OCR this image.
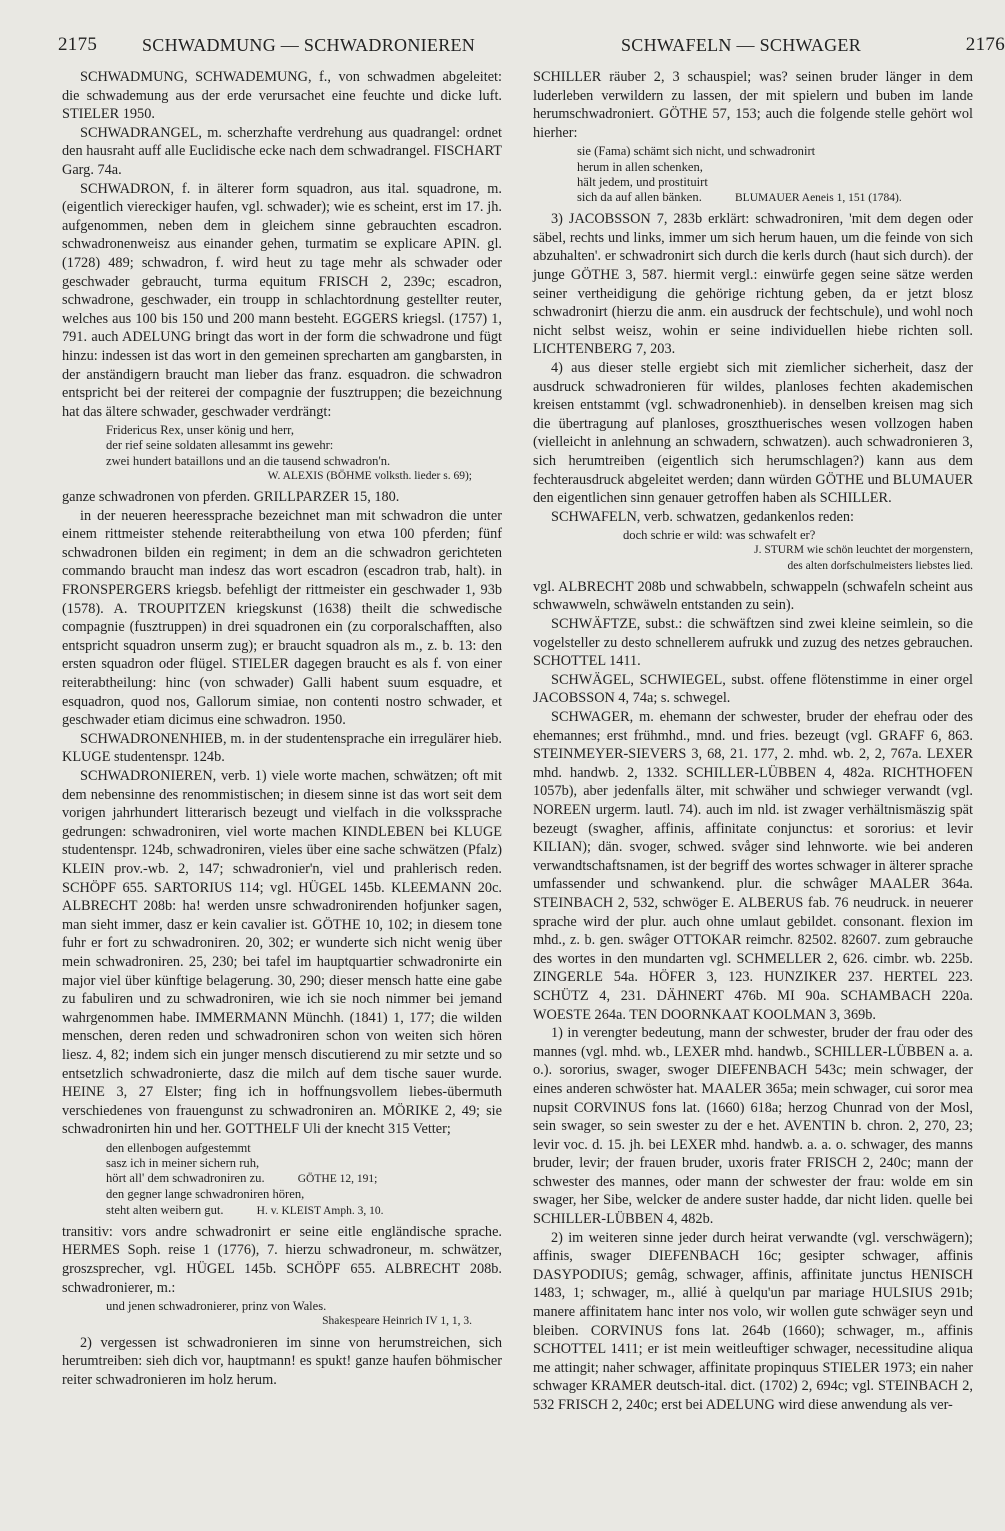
2175 SCHWADMUNG — SCHWADRONIEREN

SCHWADMUNG, SCHWADEMUNG, f., von schwadmen abgeleitet: die schwademung aus der erde verursachet eine feuchte und dicke luft. STIELER 1950.

SCHWADRANGEL, m. scherzhafte verdrehung aus quadrangel: ordnet den hausraht auff alle Euclidische ecke nach dem schwadrangel. FISCHART Garg. 74a.

SCHWADRON, f. in älterer form squadron, aus ital. squadrone, m. (eigentlich viereckiger haufen, vgl. schwader); wie es scheint, erst im 17. jh. aufgenommen, neben dem in gleichem sinne gebrauchten escadron. schwadronenweisz aus einander gehen, turmatim se explicare APIN. gl. (1728) 489; schwadron, f. wird heut zu tage mehr als schwader oder geschwader gebraucht, turma equitum FRISCH 2, 239c; escadron, schwadrone, geschwader, ein troupp in schlachtordnung gestellter reuter, welches aus 100 bis 150 und 200 mann besteht. EGGERS kriegsl. (1757) 1, 791. auch ADELUNG bringt das wort in der form die schwadrone und fügt hinzu: indessen ist das wort in den gemeinen sprecharten am gangbarsten, in der anständigern braucht man lieber das franz. esquadron. die schwadron entspricht bei der reiterei der compagnie der fusztruppen; die bezeichnung hat das ältere schwader, geschwader verdrängt:

Fridericus Rex, unser könig und herr,
der rief seine soldaten allesammt ins gewehr:
zwei hundert bataillons und an die tausend schwadron'n.
W. ALEXIS (BÖHME volksth. lieder s. 69);

ganze schwadronen von pferden. GRILLPARZER 15, 180.

in der neueren heeressprache bezeichnet man mit schwadron die unter einem rittmeister stehende reiterabtheilung von etwa 100 pferden; fünf schwadronen bilden ein regiment; in dem an die schwadron gerichteten commando braucht man indesz das wort escadron (escadron trab, halt). in FRONSPERGERS kriegsb. befehligt der rittmeister ein geschwader 1, 93b (1578). A. TROUPITZEN kriegskunst (1638) theilt die schwedische compagnie (fusztruppen) in drei squadronen ein (zu corporalschafften, also entspricht squadron unserm zug); er braucht squadron als m., z. b. 13: den ersten squadron oder flügel. STIELER dagegen braucht es als f. von einer reiterabtheilung: hinc (von schwader) Galli habent suum esquadre, et esquadron, quod nos, Gallorum simiae, non contenti nostro schwader, et geschwader etiam dicimus eine schwadron. 1950.

SCHWADRONENHIEB, m. in der studentensprache ein irregulärer hieb. KLUGE studentenspr. 124b.

SCHWADRONIEREN, verb. 1) viele worte machen, schwätzen; oft mit dem nebensinne des renommistischen; in diesem sinne ist das wort seit dem vorigen jahrhundert litterarisch bezeugt und vielfach in die volkssprache gedrungen: schwadroniren, viel worte machen KINDLEBEN bei KLUGE studentenspr. 124b, schwadroniren, vieles über eine sache schwätzen (Pfalz) KLEIN prov.-wb. 2, 147; schwadronier'n, viel und prahlerisch reden. SCHÖPF 655. SARTORIUS 114; vgl. HÜGEL 145b. KLEEMANN 20c. ALBRECHT 208b: ha! werden unsre schwadronirenden hofjunker sagen, man sieht immer, dasz er kein cavalier ist. GÖTHE 10, 102; in diesem tone fuhr er fort zu schwadroniren. 20, 302; er wunderte sich nicht wenig über mein schwadroniren. 25, 230; bei tafel im hauptquartier schwadronirte ein major viel über künftige belagerung. 30, 290; dieser mensch hatte eine gabe zu fabuliren und zu schwadroniren, wie ich sie noch nimmer bei jemand wahrgenommen habe. IMMERMANN Münchh. (1841) 1, 177; die wilden menschen, deren reden und schwadroniren schon von weiten sich hören liesz. 4, 82; indem sich ein junger mensch discutierend zu mir setzte und so entsetzlich schwadronierte, dasz die milch auf dem tische sauer wurde. HEINE 3, 27 Elster; fing ich in hoffnungsvollem liebes-übermuth verschiedenes von frauengunst zu schwadroniren an. MÖRIKE 2, 49; sie schwadronirten hin und her. GOTTHELF Uli der knecht 315 Vetter;

den ellenbogen aufgestemmt
sasz ich in meiner sichern ruh,
hört all' dem schwadroniren zu.	GÖTHE 12, 191;
den gegner lange schwadroniren hören,
steht alten weibern gut.	H. v. KLEIST Amph. 3, 10.

transitiv: vors andre schwadronirt er seine eitle engländische sprache. HERMES Soph. reise 1 (1776), 7. hierzu schwadroneur, m. schwätzer, groszsprecher, vgl. HÜGEL 145b. SCHÖPF 655. ALBRECHT 208b. schwadronierer, m.:

und jenen schwadronierer, prinz von Wales.
Shakespeare Heinrich IV 1, 1, 3.

2) vergessen ist schwadronieren im sinne von herumstreichen, sich herumtreiben: sieh dich vor, hauptmann! es spukt! ganze haufen böhmischer reiter schwadronieren im holz herum.

SCHWAFELN — SCHWAGER	2176

SCHILLER räuber 2, 3 schauspiel; was? seinen bruder länger in dem luderleben verwildern zu lassen, der mit spielern und buben im lande herumschwadroniert. GÖTHE 57, 153; auch die folgende stelle gehört wol hierher:

sie (Fama) schämt sich nicht, und schwadronirt
herum in allen schenken,
hält jedem, und prostituirt
sich da auf allen bänken.	BLUMAUER Aeneis 1, 151 (1784).

3) JACOBSSON 7, 283b erklärt: schwadroniren, 'mit dem degen oder säbel, rechts und links, immer um sich herum hauen, um die feinde von sich abzuhalten'. er schwadronirt sich durch die kerls durch (haut sich durch). der junge GÖTHE 3, 587. hiermit vergl.: einwürfe gegen seine sätze werden seiner vertheidigung die gehörige richtung geben, da er jetzt blosz schwadronirt (hierzu die anm. ein ausdruck der fechtschule), und wohl noch nicht selbst weisz, wohin er seine individuellen hiebe richten soll. LICHTENBERG 7, 203.

4) aus dieser stelle ergiebt sich mit ziemlicher sicherheit, dasz der ausdruck schwadronieren für wildes, planloses fechten akademischen kreisen entstammt (vgl. schwadronenhieb). in denselben kreisen mag sich die übertragung auf planloses, groszthuerisches wesen vollzogen haben (vielleicht in anlehnung an schwadern, schwatzen). auch schwadronieren 3, sich herumtreiben (eigentlich sich herumschlagen?) kann aus dem fechterausdruck abgeleitet werden; dann würden GÖTHE und BLUMAUER den eigentlichen sinn genauer getroffen haben als SCHILLER.

SCHWAFELN, verb. schwatzen, gedankenlos reden:

doch schrie er wild: was schwafelt er?
J. STURM wie schön leuchtet der morgenstern,
des alten dorfschulmeisters liebstes lied.

vgl. ALBRECHT 208b und schwabbeln, schwappeln (schwafeln scheint aus schwawweln, schwäweln entstanden zu sein).

SCHWÄFTZE, subst.: die schwäftzen sind zwei kleine seimlein, so die vogelsteller zu desto schnellerem aufrukk und zuzug des netzes gebrauchen. SCHOTTEL 1411.

SCHWÄGEL, SCHWIEGEL, subst. offene flötenstimme in einer orgel JACOBSSON 4, 74a; s. schwegel.

SCHWAGER, m. ehemann der schwester, bruder der ehefrau oder des ehemannes; erst frühmhd., mnd. und fries. bezeugt (vgl. GRAFF 6, 863. STEINMEYER-SIEVERS 3, 68, 21. 177, 2. mhd. wb. 2, 2, 767a. LEXER mhd. handwb. 2, 1332. SCHILLER-LÜBBEN 4, 482a. RICHTHOFEN 1057b), aber jedenfalls älter, mit schwäher und schwieger verwandt (vgl. NOREEN urgerm. lautl. 74). auch im nld. ist zwager verhältnismäszig spät bezeugt (swagher, affinis, affinitate conjunctus: et sororius: et levir KILIAN); dän. svoger, schwed. svåger sind lehnworte. wie bei anderen verwandtschaftsnamen, ist der begriff des wortes schwager in älterer sprache umfassender und schwankend. plur. die schwâger MAALER 364a. STEINBACH 2, 532, schwöger E. ALBERUS fab. 76 neudruck. in neuerer sprache wird der plur. auch ohne umlaut gebildet. consonant. flexion im mhd., z. b. gen. swâger OTTOKAR reimchr. 82502. 82607. zum gebrauche des wortes in den mundarten vgl. SCHMELLER 2, 626. cimbr. wb. 225b. ZINGERLE 54a. HÖFER 3, 123. HUNZIKER 237. HERTEL 223. SCHÜTZ 4, 231. DÄHNERT 476b. MI 90a. SCHAMBACH 220a. WOESTE 264a. TEN DOORNKAAT KOOLMAN 3, 369b.

1) in verengter bedeutung, mann der schwester, bruder der frau oder des mannes (vgl. mhd. wb., LEXER mhd. handwb., SCHILLER-LÜBBEN a. a. o.). sororius, swager, swoger DIEFENBACH 543c; mein schwager, der eines anderen schwöster hat. MAALER 365a; mein schwager, cui soror mea nupsit CORVINUS fons lat. (1660) 618a; herzog Chunrad von der Mosl, sein swager, so sein swester zu der e het. AVENTIN b. chron. 2, 270, 23; levir voc. d. 15. jh. bei LEXER mhd. handwb. a. a. o. schwager, des manns bruder, levir; der frauen bruder, uxoris frater FRISCH 2, 240c; mann der schwester des mannes, oder mann der schwester der frau: wolde em sin swager, her Sibe, welcker de andere suster hadde, dar nicht liden. quelle bei SCHILLER-LÜBBEN 4, 482b.

2) im weiteren sinne jeder durch heirat verwandte (vgl. verschwägern); affinis, swager DIEFENBACH 16c; gesipter schwager, affinis DASYPODIUS; gemâg, schwager, affinis, affinitate junctus HENISCH 1483, 1; schwager, m., allié à quelqu'un par mariage HULSIUS 291b; manere affinitatem hanc inter nos volo, wir wollen gute schwäger seyn und bleiben. CORVINUS fons lat. 264b (1660); schwager, m., affinis SCHOTTEL 1411; er ist mein weitleuftiger schwager, necessitudine aliqua me attingit; naher schwager, affinitate propinquus STIELER 1973; ein naher schwager KRAMER deutsch-ital. dict. (1702) 2, 694c; vgl. STEINBACH 2, 532 FRISCH 2, 240c; erst bei ADELUNG wird diese anwendung als ver-
